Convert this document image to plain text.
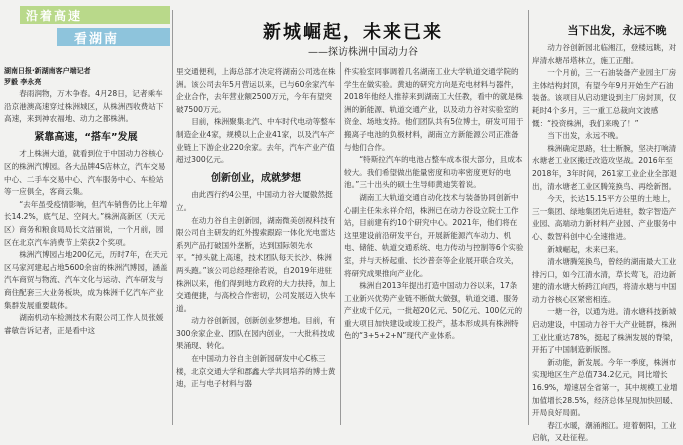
沿着高速
看湖南	新城崛起，未来已来
——探访株洲中国动力谷
当下出发，永远不晚
湖南日报·新湖南客户端记者
罗毅 李永亮

春雨润物，万木争春。4月28日，记者乘车沿京港澳高速穿过株洲城区，从株洲西收费站下高速，来到神农福地、动力之都株洲。

紧靠高速，“搭车”发展

才上株洲大道，就看到位于中国动力谷核心区的株洲汽博园。各大品牌4S店林立，汽车交易中心、二手车交易中心、汽车服务中心、车检站等一应俱全，客商云集。

“去年虽受疫情影响，但汽车销售仍比上年增长14.2%，底气足、空间大。”株洲高新区（天元区）商务和粮食局局长文洁丽说，一个月前，园区在北京汽车消费节上荣获2个奖项。

株洲汽博园占地200亿元，历时7年，在天元区马家河建起占地5600余亩的株洲汽博园，涵盖汽车商贸与物流、汽车文化与运动、汽车研发与商住配套三大业务板块，成为株洲千亿汽车产业集群发展重要载体。

湖南机动车检测技术有限公司工作人员张媛睿敏告诉记者，正是看中这

里交通便利，上海总部才决定将湖南公司选在株洲。该公司去年5月营运以来，已与60余家汽车企业合作，去年营业额2500万元，今年有望突破7500万元。

目前，株洲聚集北汽、中车时代电动等整车制造企业4家，规模以上企业41家，以及汽车产业链上下游企业220余家。去年，汽车产业产值超过300亿元。

创新创业，成就梦想

由此西行约4公里，中国动力谷大厦傲然挺立。

在动力谷自主创新园，湖南微美创视科技有限公司自主研发的红外搜索跟踪一体化光电雷达系列产品打破国外垄断，达到国际领先水平。“掉头就上高速，技术团队每天长沙、株洲两头跑。”该公司总经理徐若说，自2019年进驻株洲以来，他们得到地方政府的大力扶持，加上交通便捷，与高校合作密切，公司发展迈入快车道。

动力谷创新园，创新创业梦想地。目前，有300余家企业、团队在园内创业，一大批科技成果涌现、转化。

在中国动力谷自主创新园研发中心C栋三楼，北京交通大学和郡鑫大学共同培养的博士黄迪，正与电子材料与器

件实验室同事调着几名湖南工业大学轨道交通学院的学生在做实验。黄迪的研究方向是充电材料与器件，2018年他经人推荐来到湖南工大任教，看中的就是株洲的新能源、轨道交通产业，以及动力谷对实验室的资金、场地支持。他们团队共有5位博士，研发可用于搬离子电池的负极材料，湖南立方新能源公司正准备与他们合作。

“特斯拉汽车的电池占整车成本很大部分，且成本较大。我们希望做出能量密度和功率密度更好的电池。”三十出头的硕士生导师黄迪笑着说。

湖南工大轨道交通自动化技术与装备协同创新中心副主任朱永祥介绍，株洲已在动力谷设立院士工作站，目前建有约10个研究中心。2021年，他们将在这里建设前沿研发平台，开展新能源汽车动力、机电、储能、轨道交通系统、电力传动与控制等6个实验室，并与天桥起重、长沙普奈等企业展开联合攻关，将研究成果推向产业化。

株洲自2013年提出打造中国动力谷以来，17条工业新兴优势产业链不断做大做强，轨道交通、服务产业成千亿元，一批超20亿元、50亿元、100亿元的重大项目加快建设或竣工投产，基本形成具有株洲特色的“3+5+2+N”现代产业体系。

动力谷创新园北临湘江，登楼远眺，对岸清水塘吊塔林立，施工正酣。

一个月前，三一石油装备产业园主厂房主体结构封顶，有望今年9月开始生产石油装备。该项目从启动建设到主厂房封顶，仅耗时4个多月，三一重工总裁向文波感慨：“投资株洲，我们来晚了！”

当下出发，永远不晚。

株洲确定思路，壮士断腕，坚决打响清水塘老工业区搬迁改造攻坚战。2016年至2018年，3年时间，261家工业企业全部退出，清水塘老工业区腾笼换鸟、再绘新图。

今天，长达15.15平方公里的土地上，三一集团、绿地集团先后进驻，数字智造产业园、高端动力新材料产业园、产业服务中心、数智科创中心全速推进。

新城崛起，未来已来。

清水塘腾笼换鸟，曾经的湖南最大工业排污口，如今江清水清，草长莺飞，沿边新建的清水塘大桥跨江向西，将清水塘与中国动力谷核心区紧密相连。

一塘一谷，以通为进。清水塘科技新城启动建设，中国动力谷干大产业链群，株洲工业比重达78%，挺起了株洲发展的脊梁，开拓了中国制造新版图。

新动能，新发展。今年一季度，株洲市实现地区生产总值734.2亿元，同比增长16.9%，增速居全省第一，其中规模工业增加值增长28.5%，经济总体呈现加快回暖、开局良好局面。

春江水暖，潮涌湘江。迎着朝阳，工业启航，又赴征程。
